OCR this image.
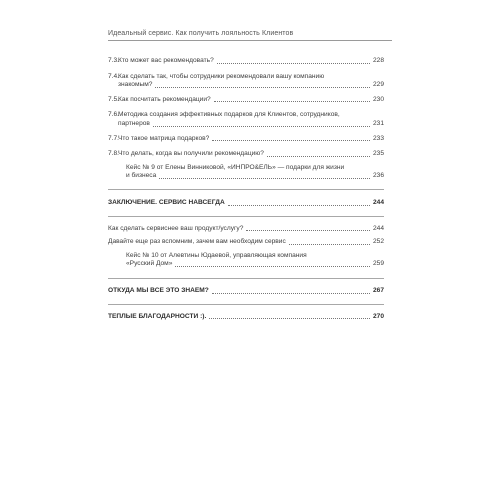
Идеальный сервис. Как получить лояльность Клиентов
7.3.Кто может вас рекомендовать?	228
7.4.Как сделать так, чтобы сотрудники рекомендовали вашу компанию
знакомым?	229
7.5.Как посчитать рекомендации?	230
7.6.Методика создания эффективных подарков для Клиентов, сотрудников,
партнеров	231
7.7.Что такое матрица подарков?	233
7.8.Что делать, когда вы получили рекомендацию?	235
Кейс № 9 от Елены Винниковой, «ИНПРО&ЕЛЬ» — подарки для жизни
и бизнеса	236
ЗАКЛЮЧЕНИЕ. СЕРВИС НАВСЕГДА	244
Как сделать сервиснее ваш продукт/услугу?	244
Давайте еще раз вспомним, зачем вам необходим сервис	252
Кейс № 10 от Алевтины Юдаевой, управляющая компания
«Русский Дом»	259
ОТКУДА МЫ ВСЕ ЭТО ЗНАЕМ?	267
ТЕПЛЫЕ БЛАГОДАРНОСТИ :).	270
